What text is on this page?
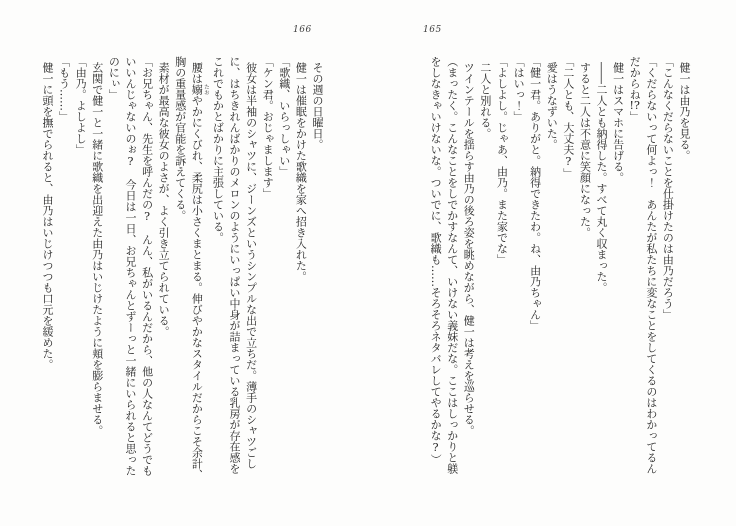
166	165

その週の日曜日。

健一は催眠をかけた歌織を家へ招き入れた。

「歌織、いらっしゃい」

「ケン君。おじゃまします」

彼女は半袖のシャツに、ジーンズというシンプルな出で立ちだ。薄手のシャツごし

に、はちきれんばかりのメロンのようにいっぱい中身が詰まっている乳房が存在感を

これでもかとばかりに主張している。

腰は嫋 たおやかにくびれ、柔尻は小さくまとまる。伸びやかなスタイルだからこそ余計、

胸の重量感が官能を訴えてくる。

素材が最高な彼女のよさが、よく引き立てられている。

「お兄ちゃん、先生を呼んだの?　んん、私がいるんだから、他の人なんてどうでも

いいんじゃないのぉ?　今日は一日、お兄ちゃんとずーっと一緒にいられると思った

のにぃ」

玄関で健一と一緒に歌織を出迎えた由乃はいじけたように頬を膨らませる。

「由乃。よしよし」

「もう……」

健一に頭を撫でられると、由乃はいじけつつも口元を緩めた。	健一は由乃を見る。

「こんなくだらないことを仕掛けたのは由乃だろう」

「くだらないって何よっ！　あんたが私たちに変なことをしてくるのはわかってるん

だからね!?」

健一はスマホに告げる。

――二人とも納得した。すべて丸く収まった。

すると二人は不意に笑顔になった。

「二人とも、大丈夫?」

愛はうなずいた。

「健一君。ありがと。納得できたわ。ね、由乃ちゃん」

「はいっ！」

「よしよし。じゃあ、由乃。また家でな」

二人と別れる。

ツインテールを揺らす由乃の後ろ姿を眺めながら、健一は考えを巡らせる。

（まったく。こんなことをしでかすなんて、いけない義妹だな。ここはしっかりと躾

をしなきゃいけないな。ついでに、歌織も……そろそろネタバレしてやるかな?）
